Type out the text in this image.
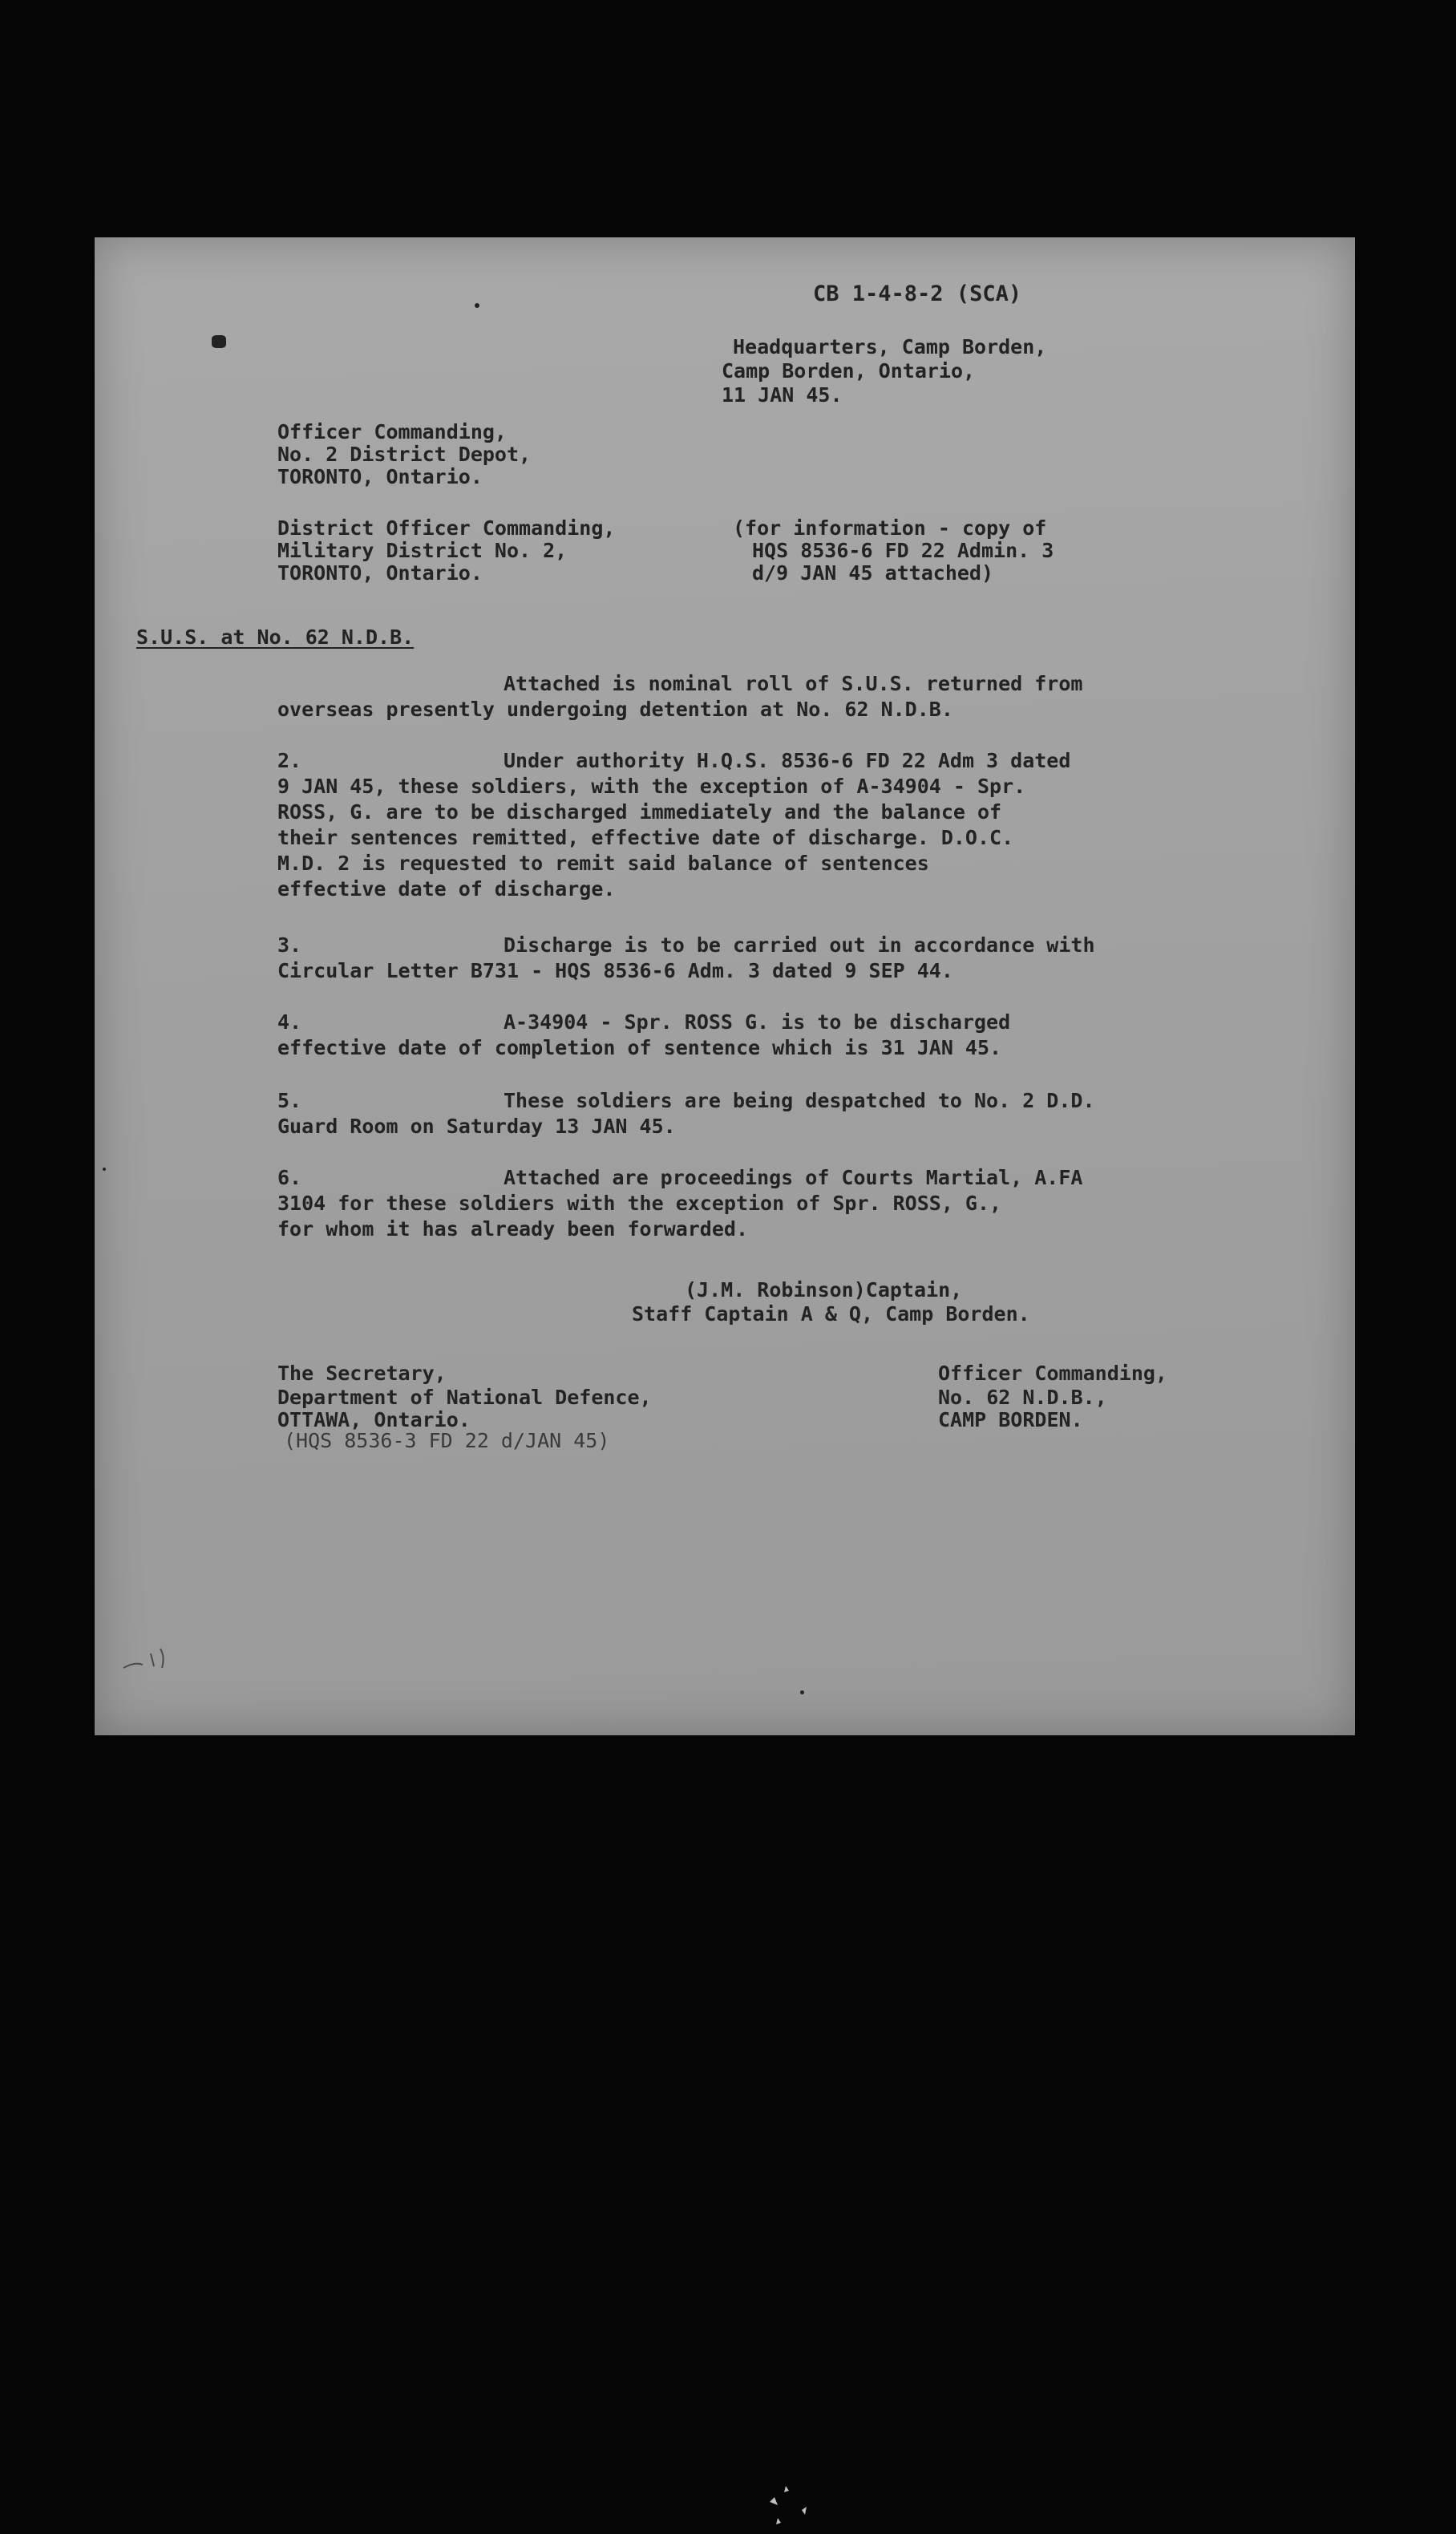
CB 1-4-8-2 (SCA)
Headquarters, Camp Borden,
Camp Borden, Ontario,
11 JAN 45.
Officer Commanding,
No. 2 District Depot,
TORONTO, Ontario.
District Officer Commanding,
Military District No. 2,
TORONTO, Ontario.
(for information - copy of
HQS 8536-6 FD 22 Admin. 3
d/9 JAN 45 attached)
S.U.S. at No. 62 N.D.B.
Attached is nominal roll of S.U.S. returned from
overseas presently undergoing detention at No. 62 N.D.B.
2.	Under authority H.Q.S. 8536-6 FD 22 Adm 3 dated
9 JAN 45, these soldiers, with the exception of A-34904 - Spr.
ROSS, G. are to be discharged immediately and the balance of
their sentences remitted, effective date of discharge. D.O.C.
M.D. 2 is requested to remit said balance of sentences
effective date of discharge.
3.	Discharge is to be carried out in accordance with
Circular Letter B731 - HQS 8536-6 Adm. 3 dated 9 SEP 44.
4.	A-34904 - Spr. ROSS G. is to be discharged
effective date of completion of sentence which is 31 JAN 45.
5.	These soldiers are being despatched to No. 2 D.D.
Guard Room on Saturday 13 JAN 45.
6.	Attached are proceedings of Courts Martial, A.FA
3104 for these soldiers with the exception of Spr. ROSS, G.,
for whom it has already been forwarded.
(J.M. Robinson)Captain,
Staff Captain A & Q, Camp Borden.
The Secretary,
Department of National Defence,
OTTAWA, Ontario.
(HQS 8536-3 FD 22 d/JAN 45)
Officer Commanding,
No. 62 N.D.B.,
CAMP BORDEN.
